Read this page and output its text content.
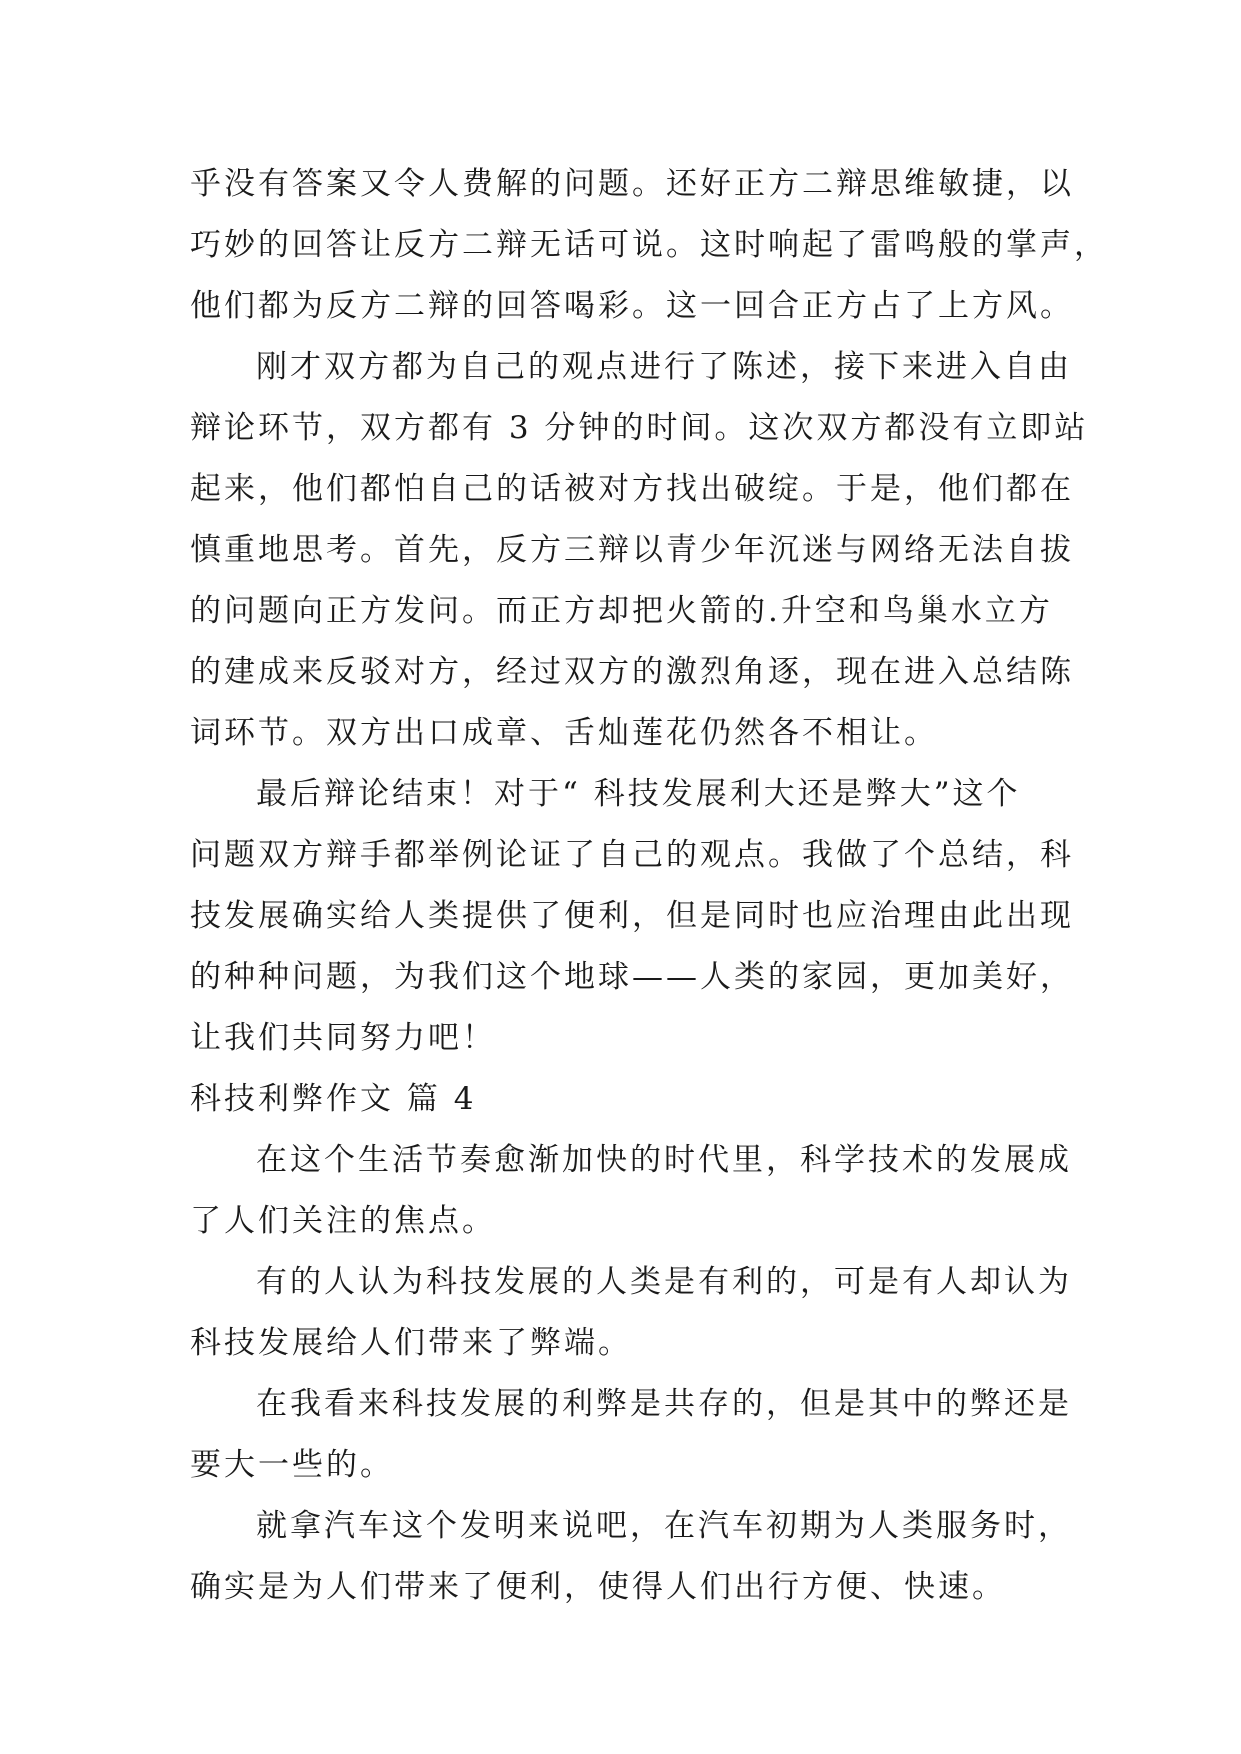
乎没有答案又令人费解的问题。还好正方二辩思维敏捷，以
巧妙的回答让反方二辩无话可说。这时响起了雷鸣般的掌声，
他们都为反方二辩的回答喝彩。这一回合正方占了上方风。
刚才双方都为自己的观点进行了陈述，接下来进入自由
辩论环节，双方都有 3 分钟的时间。这次双方都没有立即站
起来，他们都怕自己的话被对方找出破绽。于是，他们都在
慎重地思考。首先，反方三辩以青少年沉迷与网络无法自拔
的问题向正方发问。而正方却把火箭的.升空和鸟巢水立方
的建成来反驳对方，经过双方的激烈角逐，现在进入总结陈
词环节。双方出口成章、舌灿莲花仍然各不相让。
最后辩论结束！对于“ 科技发展利大还是弊大”这个
问题双方辩手都举例论证了自己的观点。我做了个总结，科
技发展确实给人类提供了便利，但是同时也应治理由此出现
的种种问题，为我们这个地球——人类的家园，更加美好，
让我们共同努力吧！
科技利弊作文 篇 4
在这个生活节奏愈渐加快的时代里，科学技术的发展成
了人们关注的焦点。
有的人认为科技发展的人类是有利的，可是有人却认为
科技发展给人们带来了弊端。
在我看来科技发展的利弊是共存的，但是其中的弊还是
要大一些的。
就拿汽车这个发明来说吧，在汽车初期为人类服务时，
确实是为人们带来了便利，使得人们出行方便、快速。
